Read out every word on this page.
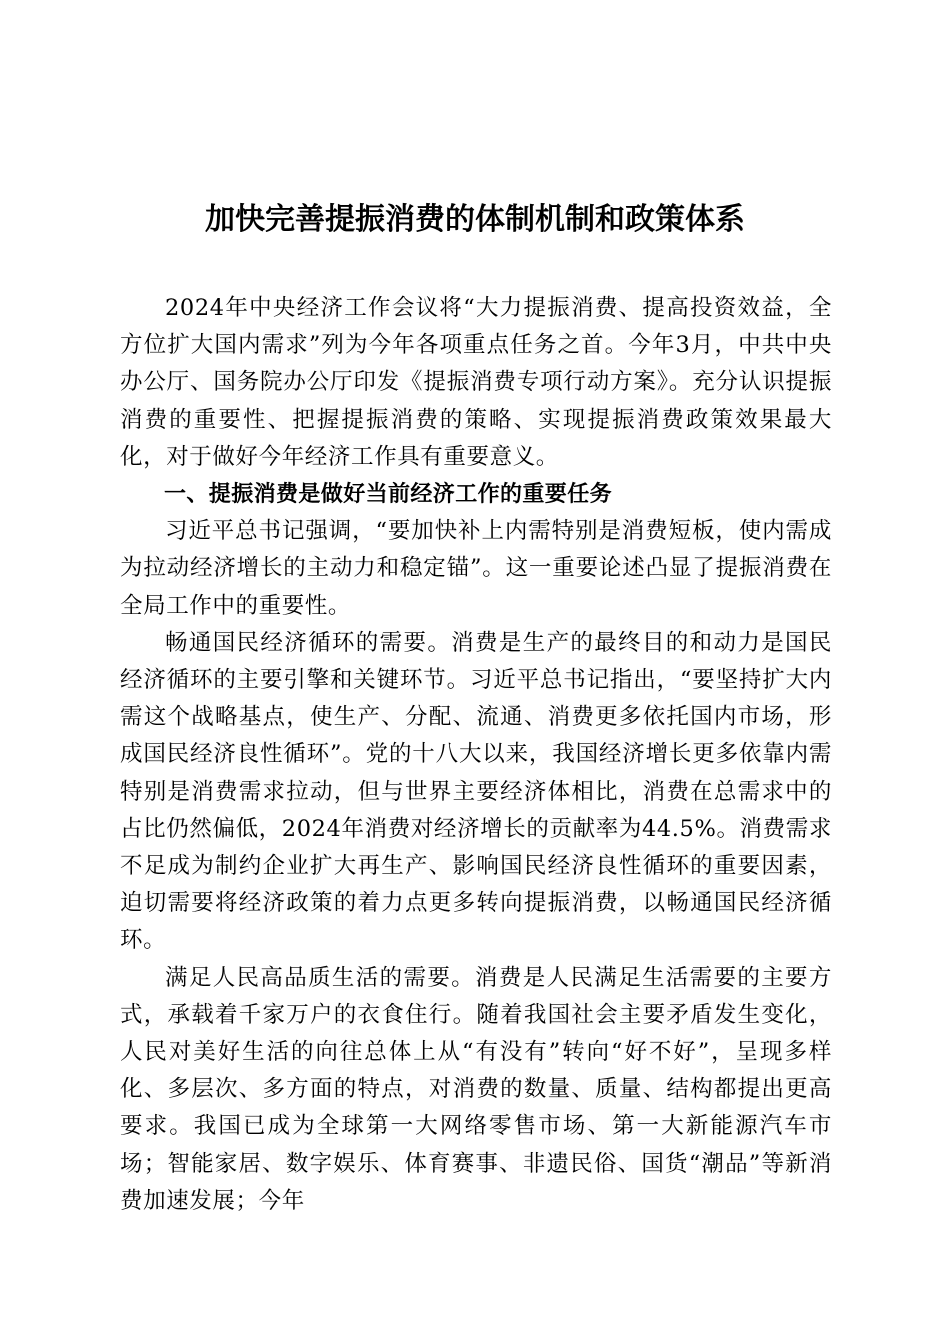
加快完善提振消费的体制机制和政策体系

2024年中央经济工作会议将“大力提振消费、提高投资效益，全方位扩大国内需求”列为今年各项重点任务之首。今年3月，中共中央办公厅、国务院办公厅印发《提振消费专项行动方案》。充分认识提振消费的重要性、把握提振消费的策略、实现提振消费政策效果最大化，对于做好今年经济工作具有重要意义。

一、提振消费是做好当前经济工作的重要任务

习近平总书记强调，“要加快补上内需特别是消费短板，使内需成为拉动经济增长的主动力和稳定锚”。这一重要论述凸显了提振消费在全局工作中的重要性。

畅通国民经济循环的需要。消费是生产的最终目的和动力是国民经济循环的主要引擎和关键环节。习近平总书记指出，“要坚持扩大内需这个战略基点，使生产、分配、流通、消费更多依托国内市场，形成国民经济良性循环”。党的十八大以来，我国经济增长更多依靠内需特别是消费需求拉动，但与世界主要经济体相比，消费在总需求中的占比仍然偏低，2024年消费对经济增长的贡献率为44.5%。消费需求不足成为制约企业扩大再生产、影响国民经济良性循环的重要因素，迫切需要将经济政策的着力点更多转向提振消费，以畅通国民经济循环。

满足人民高品质生活的需要。消费是人民满足生活需要的主要方式，承载着千家万户的衣食住行。随着我国社会主要矛盾发生变化，人民对美好生活的向往总体上从“有没有”转向“好不好”，呈现多样化、多层次、多方面的特点，对消费的数量、质量、结构都提出更高要求。我国已成为全球第一大网络零售市场、第一大新能源汽车市场；智能家居、数字娱乐、体育赛事、非遗民俗、国货“潮品”等新消费加速发展；今年
